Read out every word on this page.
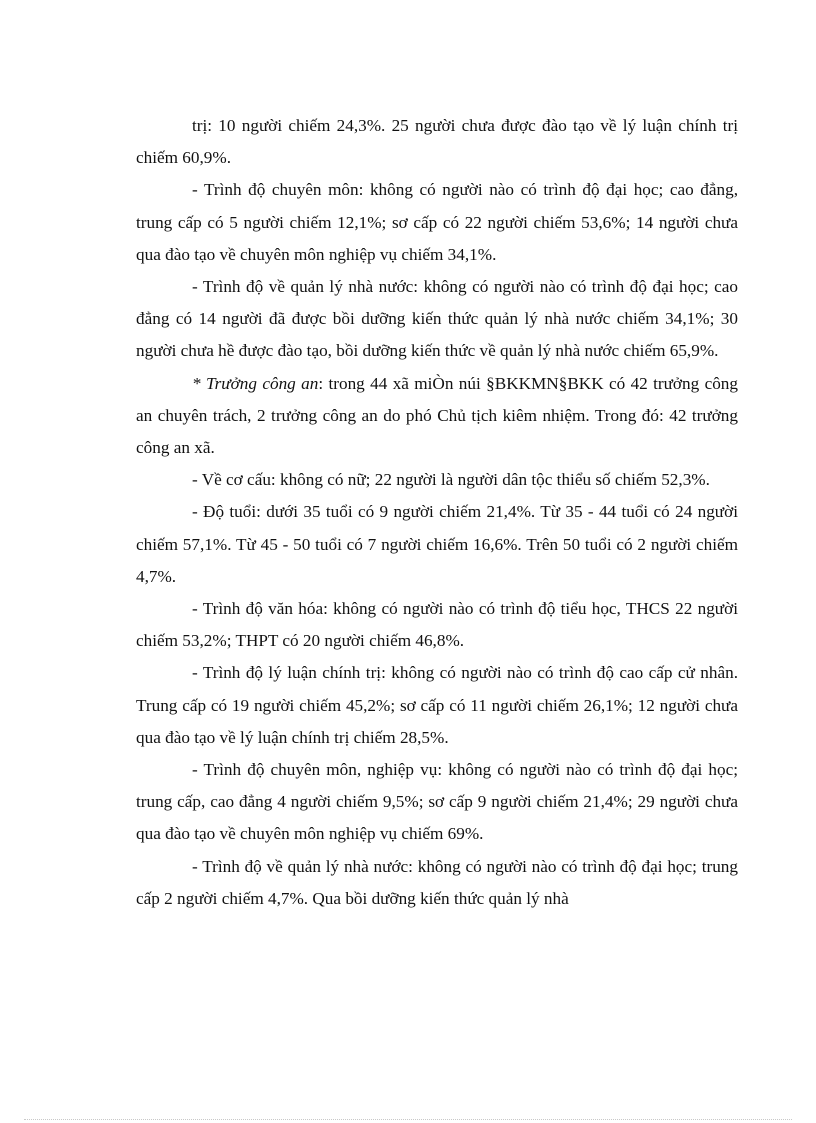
trị: 10 người chiếm 24,3%. 25 người chưa được đào tạo về lý luận chính trị chiếm 60,9%.

- Trình độ chuyên môn: không có người nào có trình độ đại học; cao đẳng, trung cấp có 5 người chiếm 12,1%; sơ cấp có 22 người chiếm 53,6%; 14 người chưa qua đào tạo về chuyên môn nghiệp vụ chiếm 34,1%.

- Trình độ về quản lý nhà nước: không có người nào có trình độ đại học; cao đẳng có 14 người đã được bồi dưỡng kiến thức quản lý nhà nước chiếm 34,1%; 30 người chưa hề được đào tạo, bồi dưỡng kiến thức về quản lý nhà nước chiếm 65,9%.

* Trưởng công an: trong 44 xã miÒn núi §BKKMN§BKK có 42 trưởng công an chuyên trách, 2 trưởng công an do phó Chủ tịch kiêm nhiệm. Trong đó: 42 trưởng công an xã.

- Về cơ cấu: không có nữ; 22 người là người dân tộc thiểu số chiếm 52,3%.

- Độ tuổi: dưới 35 tuổi có 9 người chiếm 21,4%. Từ 35 - 44 tuổi có 24 người chiếm 57,1%. Từ 45 - 50 tuổi có 7 người chiếm 16,6%. Trên 50 tuổi có 2 người chiếm 4,7%.

- Trình độ văn hóa: không có người nào có trình độ tiểu học, THCS 22 người chiếm 53,2%; THPT có 20 người chiếm 46,8%.

- Trình độ lý luận chính trị: không có người nào có trình độ cao cấp cử nhân. Trung cấp có 19 người chiếm 45,2%; sơ cấp có 11 người chiếm 26,1%; 12 người chưa qua đào tạo về lý luận chính trị chiếm 28,5%.

- Trình độ chuyên môn, nghiệp vụ: không có người nào có trình độ đại học; trung cấp, cao đẳng 4 người chiếm 9,5%; sơ cấp 9 người chiếm 21,4%; 29 người chưa qua đào tạo về chuyên môn nghiệp vụ chiếm 69%.

- Trình độ về quản lý nhà nước: không có người nào có trình độ đại học; trung cấp 2 người chiếm 4,7%. Qua bồi dưỡng kiến thức quản lý nhà
